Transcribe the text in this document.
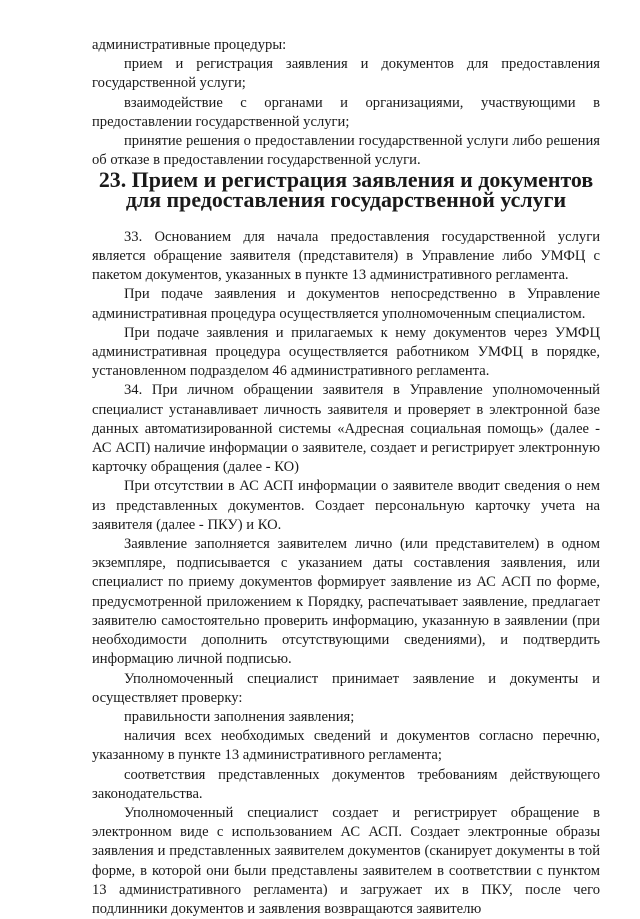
административные процедуры:

прием и регистрация заявления и документов для предоставления государственной услуги;

взаимодействие с органами и организациями, участвующими в предоставлении государственной услуги;

принятие решения о предоставлении государственной услуги либо решения об отказе в предоставлении государственной услуги.

23. Прием и регистрация заявления и документов
для предоставления государственной услуги

33. Основанием для начала предоставления государственной услуги является обращение заявителя (представителя) в Управление либо УМФЦ с пакетом документов, указанных в пункте 13 административного регламента.

При подаче заявления и документов непосредственно в Управление административная процедура осуществляется уполномоченным специалистом.

При подаче заявления и прилагаемых к нему документов через УМФЦ административная процедура осуществляется работником УМФЦ в порядке, установленном подразделом 46 административного регламента.

34. При личном обращении заявителя в Управление уполномоченный специалист устанавливает личность заявителя и проверяет в электронной базе данных автоматизированной системы «Адресная социальная помощь» (далее - АС АСП) наличие информации о заявителе, создает и регистрирует электронную карточку обращения (далее - КО)

При отсутствии в АС АСП информации о заявителе вводит сведения о нем из представленных документов. Создает персональную карточку учета на заявителя (далее - ПКУ) и КО.

Заявление заполняется заявителем лично (или представителем) в одном экземпляре, подписывается с указанием даты составления заявления, или специалист по приему документов формирует заявление из АС АСП по форме, предусмотренной приложением к Порядку, распечатывает заявление, предлагает заявителю самостоятельно проверить информацию, указанную в заявлении (при необходимости дополнить отсутствующими сведениями), и подтвердить информацию личной подписью.

Уполномоченный специалист принимает заявление и документы и осуществляет проверку:

правильности заполнения заявления;

наличия всех необходимых сведений и документов согласно перечню, указанному в пункте 13 административного регламента;

соответствия представленных документов требованиям действующего законодательства.

Уполномоченный специалист создает и регистрирует обращение в электронном виде с использованием АС АСП. Создает электронные образы заявления и представленных заявителем документов (сканирует документы в той форме, в которой они были представлены заявителем в соответствии с пунктом 13 административного регламента) и загружает их в ПКУ, после чего подлинники документов и заявления возвращаются заявителю
